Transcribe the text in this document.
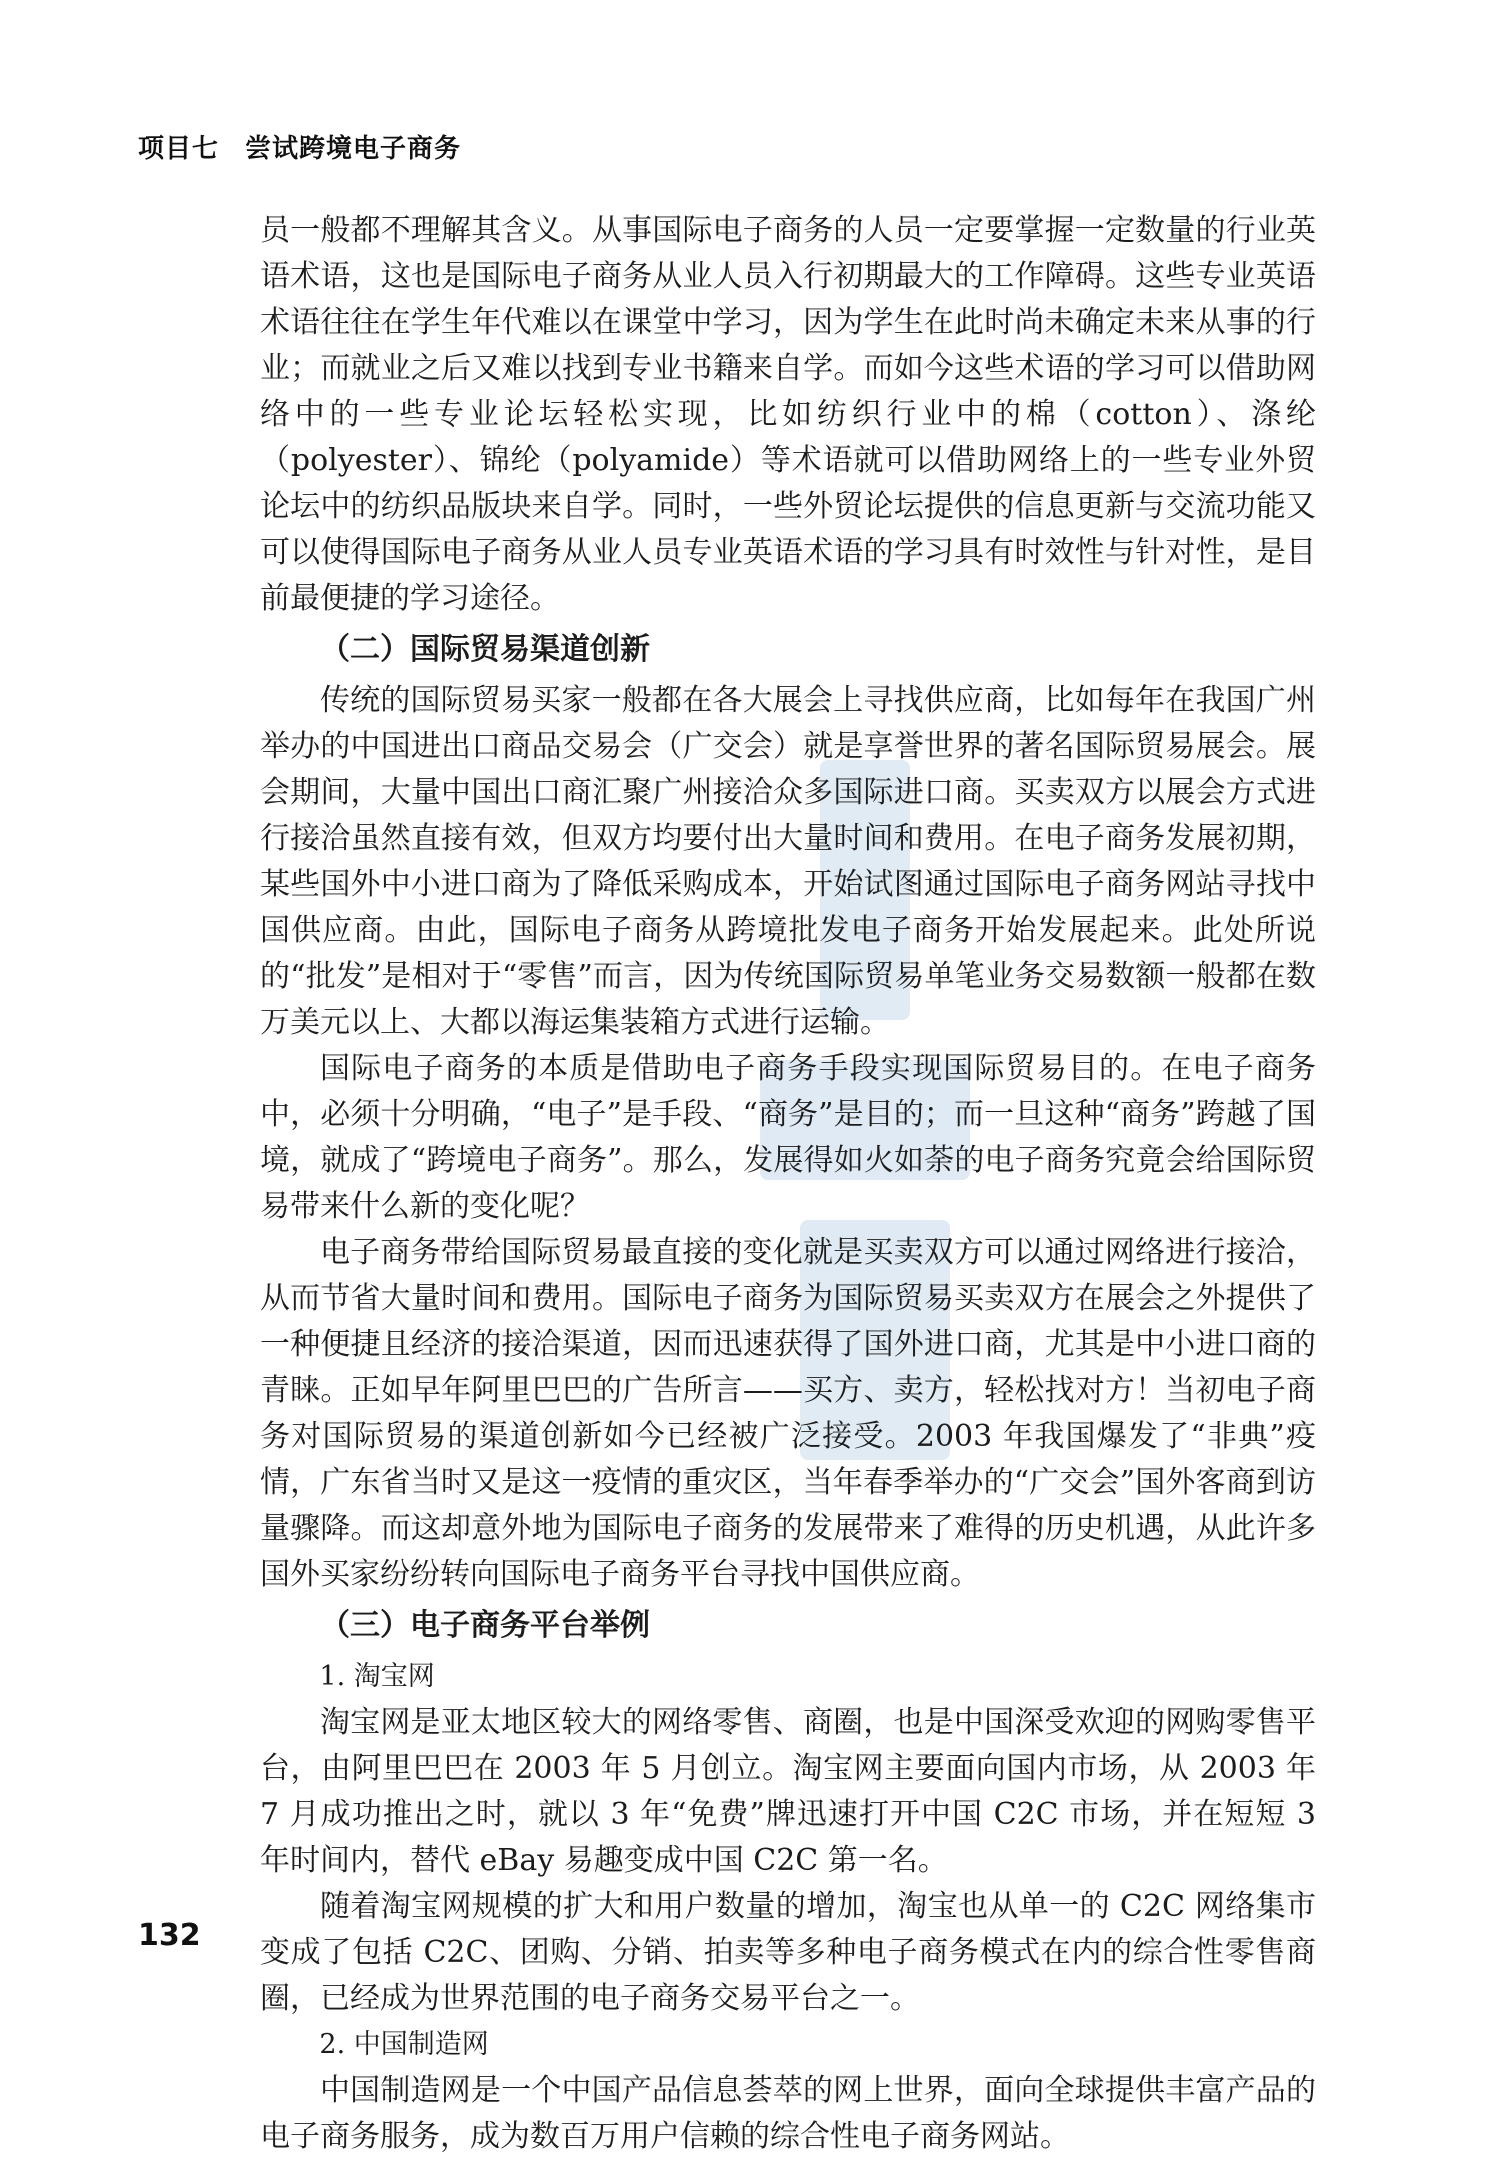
项目七 尝试跨境电子商务

员一般都不理解其含义。从事国际电子商务的人员一定要掌握一定数量的行业英语术语，这也是国际电子商务从业人员入行初期最大的工作障碍。这些专业英语术语往往在学生年代难以在课堂中学习，因为学生在此时尚未确定未来从事的行业；而就业之后又难以找到专业书籍来自学。而如今这些术语的学习可以借助网络中的一些专业论坛轻松实现，比如纺织行业中的棉（cotton）、涤纶（polyester）、锦纶（polyamide）等术语就可以借助网络上的一些专业外贸论坛中的纺织品版块来自学。同时，一些外贸论坛提供的信息更新与交流功能又可以使得国际电子商务从业人员专业英语术语的学习具有时效性与针对性，是目前最便捷的学习途径。

（二）国际贸易渠道创新

传统的国际贸易买家一般都在各大展会上寻找供应商，比如每年在我国广州举办的中国进出口商品交易会（广交会）就是享誉世界的著名国际贸易展会。展会期间，大量中国出口商汇聚广州接洽众多国际进口商。买卖双方以展会方式进行接洽虽然直接有效，但双方均要付出大量时间和费用。在电子商务发展初期，某些国外中小进口商为了降低采购成本，开始试图通过国际电子商务网站寻找中国供应商。由此，国际电子商务从跨境批发电子商务开始发展起来。此处所说的“批发”是相对于“零售”而言，因为传统国际贸易单笔业务交易数额一般都在数万美元以上、大都以海运集装箱方式进行运输。

国际电子商务的本质是借助电子商务手段实现国际贸易目的。在电子商务中，必须十分明确，“电子”是手段、“商务”是目的；而一旦这种“商务”跨越了国境，就成了“跨境电子商务”。那么，发展得如火如荼的电子商务究竟会给国际贸易带来什么新的变化呢？

电子商务带给国际贸易最直接的变化就是买卖双方可以通过网络进行接洽，从而节省大量时间和费用。国际电子商务为国际贸易买卖双方在展会之外提供了一种便捷且经济的接洽渠道，因而迅速获得了国外进口商，尤其是中小进口商的青睐。正如早年阿里巴巴的广告所言——买方、卖方，轻松找对方！当初电子商务对国际贸易的渠道创新如今已经被广泛接受。2003 年我国爆发了“非典”疫情，广东省当时又是这一疫情的重灾区，当年春季举办的“广交会”国外客商到访量骤降。而这却意外地为国际电子商务的发展带来了难得的历史机遇，从此许多国外买家纷纷转向国际电子商务平台寻找中国供应商。

（三）电子商务平台举例

1. 淘宝网

淘宝网是亚太地区较大的网络零售、商圈，也是中国深受欢迎的网购零售平台，由阿里巴巴在 2003 年 5 月创立。淘宝网主要面向国内市场，从 2003 年 7 月成功推出之时，就以 3 年“免费”牌迅速打开中国 C2C 市场，并在短短 3 年时间内，替代 eBay 易趣变成中国 C2C 第一名。

随着淘宝网规模的扩大和用户数量的增加，淘宝也从单一的 C2C 网络集市变成了包括 C2C、团购、分销、拍卖等多种电子商务模式在内的综合性零售商圈，已经成为世界范围的电子商务交易平台之一。

2. 中国制造网

中国制造网是一个中国产品信息荟萃的网上世界，面向全球提供丰富产品的电子商务服务，成为数百万用户信赖的综合性电子商务网站。

132
